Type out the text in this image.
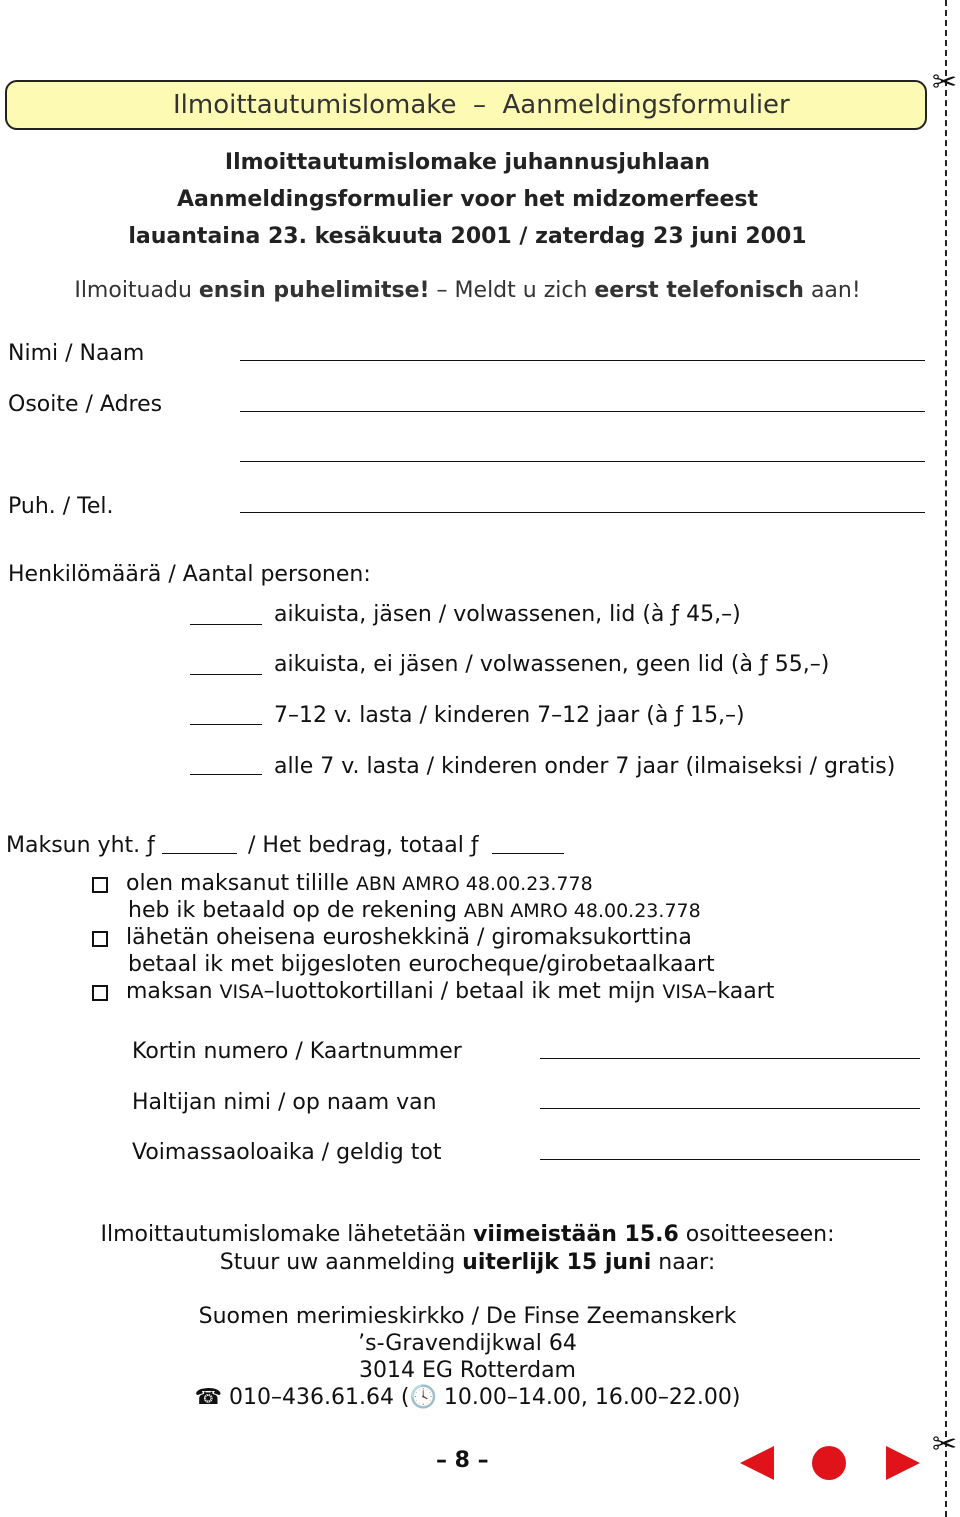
✂
✂
Ilmoittautumislomake  –  Aanmeldingsformulier
Ilmoittautumislomake juhannusjuhlaan
Aanmeldingsformulier voor het midzomerfeest
lauantaina 23. kesäkuuta 2001 / zaterdag 23 juni 2001
Ilmoituadu ensin puhelimitse! – Meldt u zich eerst telefonisch aan!
Nimi / Naam
Osoite / Adres
Puh. / Tel.
Henkilömäärä / Aantal personen:
aikuista, jäsen / volwassenen, lid (à ƒ 45,–)
aikuista, ei jäsen / volwassenen, geen lid (à ƒ 55,–)
7–12 v. lasta / kinderen 7–12 jaar (à ƒ 15,–)
alle 7 v. lasta / kinderen onder 7 jaar (ilmaiseksi / gratis)
Maksun yht. ƒ	/ Het bedrag, totaal ƒ
olen maksanut tilille ABN AMRO 48.00.23.778
heb ik betaald op de rekening ABN AMRO 48.00.23.778
lähetän oheisena euroshekkinä / giromaksukorttina
betaal ik met bijgesloten eurocheque/girobetaalkaart
maksan VISA–luottokortillani / betaal ik met mijn VISA–kaart
Kortin numero / Kaartnummer
Haltijan nimi / op naam van
Voimassaoloaika / geldig tot
Ilmoittautumislomake lähetetään viimeistään 15.6 osoitteeseen:
Stuur uw aanmelding uiterlijk 15 juni naar:
Suomen merimieskirkko / De Finse Zeemanskerk
’s-Gravendijkwal 64
3014 EG Rotterdam
☎ 010–436.61.64 (🕓 10.00–14.00, 16.00–22.00)
– 8 –
